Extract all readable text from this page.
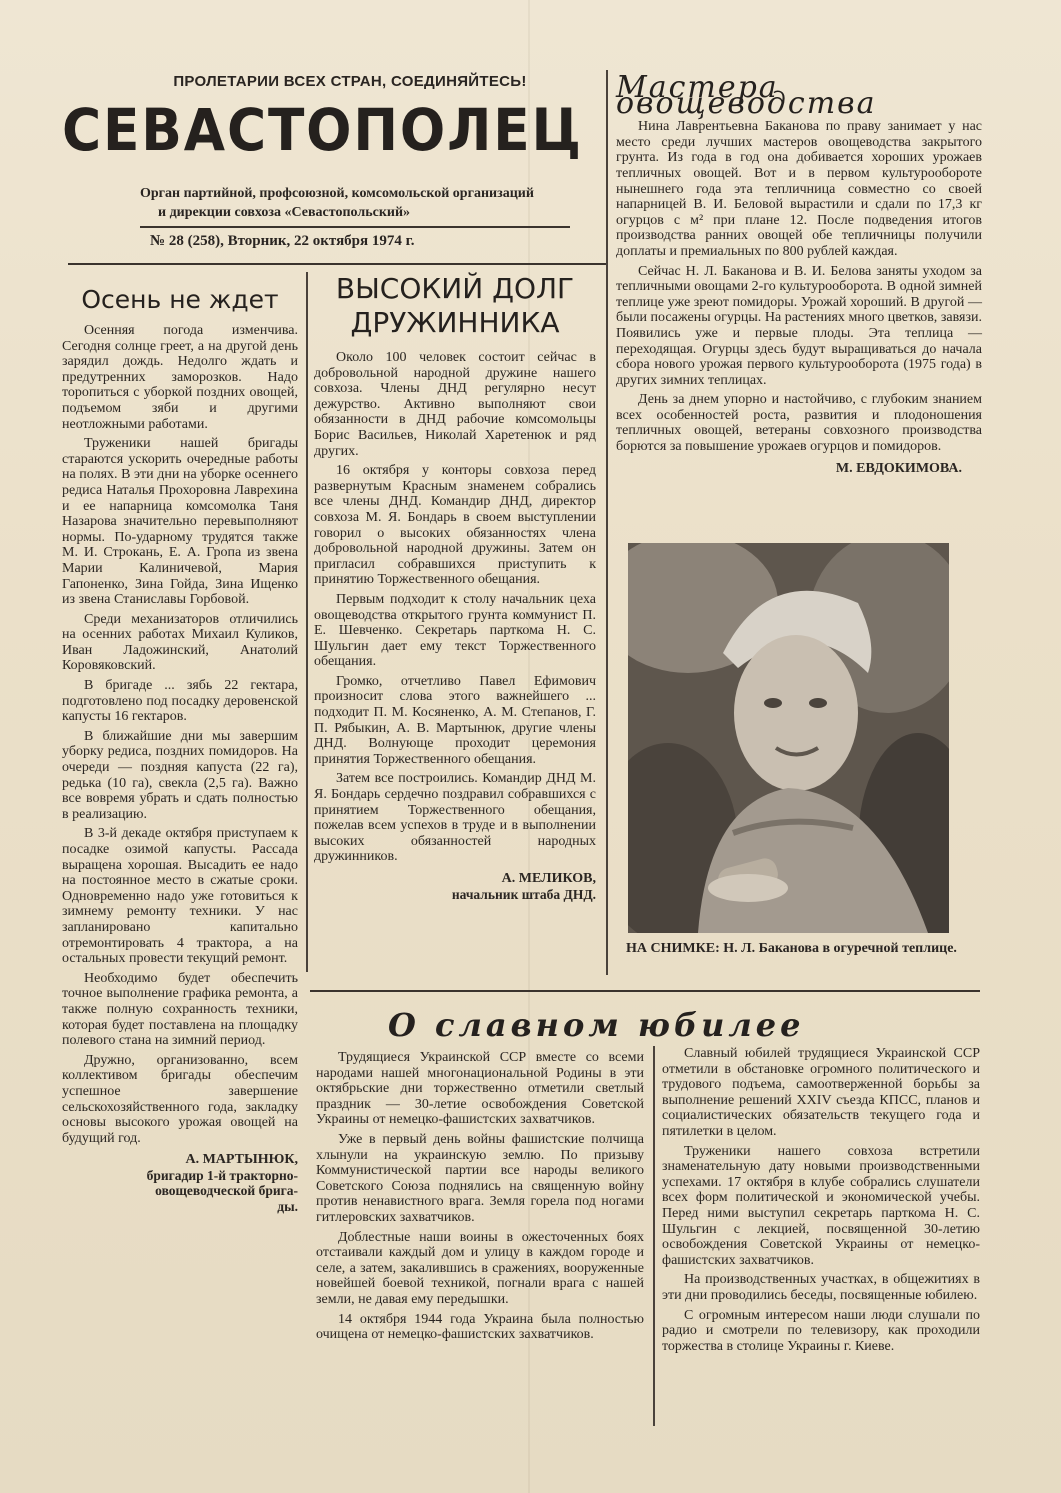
ПРОЛЕТАРИИ ВСЕХ СТРАН, СОЕДИНЯЙТЕСЬ!
СЕВАСТОПОЛЕЦ
Орган партийной, профсоюзной, комсомольской организаций
и дирекции совхоза «Севастопольский»
№ 28 (258), Вторник, 22 октября 1974 г.
Осень не ждет

Осенняя погода изменчива. Сегодня солнце греет, а на другой день зарядил дождь. Недолго ждать и предутренних заморозков. Надо торопиться с уборкой поздних овощей, подъемом зяби и другими неотложными работами.

Труженики нашей бригады стараются ускорить очередные работы на полях. В эти дни на уборке осеннего редиса Наталья Прохоровна Лаврехина и ее напарница комсомолка Таня Назарова значительно перевыполняют нормы. По-ударному трудятся также М. И. Строкань, Е. А. Гропа из звена Марии Калиничевой, Мария Гапоненко, Зина Гойда, Зина Ищенко из звена Станиславы Горбовой.

Среди механизаторов отличились на осенних работах Михаил Куликов, Иван Ладожинский, Анатолий Коровяковский.

В бригаде ... зябь 22 гектара, подготовлено под посадку деровенской капусты 16 гектаров.

В ближайшие дни мы завершим уборку редиса, поздних помидоров. На очереди — поздняя капуста (22 га), редька (10 га), свекла (2,5 га). Важно все вовремя убрать и сдать полностью в реализацию.

В 3-й декаде октября приступаем к посадке озимой капусты. Рассада выращена хорошая. Высадить ее надо на постоянное место в сжатые сроки. Одновременно надо уже готовиться к зимнему ремонту техники. У нас запланировано капитально отремонтировать 4 трактора, а на остальных провести текущий ремонт.

Необходимо будет обеспечить точное выполнение графика ремонта, а также полную сохранность техники, которая будет поставлена на площадку полевого стана на зимний период.

Дружно, организованно, всем коллективом бригады обеспечим успешное завершение сельскохозяйственного года, закладку основы высокого урожая овощей на будущий год.

А. МАРТЫНЮК,
бригадир 1-й тракторно-
овощеводческой брига-
ды.
ВЫСОКИЙ ДОЛГ
ДРУЖИННИКА

Около 100 человек состоит сейчас в добровольной народной дружине нашего совхоза. Члены ДНД регулярно несут дежурство. Активно выполняют свои обязанности в ДНД рабочие комсомольцы Борис Васильев, Николай Харетенюк и ряд других.

16 октября у конторы совхоза перед развернутым Красным знаменем собрались все члены ДНД. Командир ДНД, директор совхоза М. Я. Бондарь в своем выступлении говорил о высоких обязанностях члена добровольной народной дружины. Затем он пригласил собравшихся приступить к принятию Торжественного обещания.

Первым подходит к столу начальник цеха овощеводства открытого грунта коммунист П. Е. Шевченко. Секретарь парткома Н. С. Шульгин дает ему текст Торжественного обещания.

Громко, отчетливо Павел Ефимович произносит слова этого важнейшего ... подходит П. М. Косяненко, А. М. Степанов, Г. П. Рябыкин, А. В. Мартынюк, другие члены ДНД. Волнующе проходит церемония принятия Торжественного обещания.

Затем все построились. Командир ДНД М. Я. Бондарь сердечно поздравил собравшихся с принятием Торжественного обещания, пожелав всем успехов в труде и в выполнении высоких обязанностей народных дружинников.

А. МЕЛИКОВ,
начальник штаба ДНД.
Мастера овощеводства

Нина Лаврентьевна Баканова по праву занимает у нас место среди лучших мастеров овощеводства закрытого грунта. Из года в год она добивается хороших урожаев тепличных овощей. Вот и в первом культурообороте нынешнего года эта тепличница совместно со своей напарницей В. И. Беловой вырастили и сдали по 17,3 кг огурцов с м² при плане 12. После подведения итогов производства ранних овощей обе тепличницы получили доплаты и премиальных по 800 рублей каждая.

Сейчас Н. Л. Баканова и В. И. Белова заняты уходом за тепличными овощами 2-го культурооборота. В одной зимней теплице уже зреют помидоры. Урожай хороший. В другой — были посажены огурцы. На растениях много цветков, завязи. Появились уже и первые плоды. Эта теплица — переходящая. Огурцы здесь будут выращиваться до начала сбора нового урожая первого культурооборота (1975 года) в других зимних теплицах.

День за днем упорно и настойчиво, с глубоким знанием всех особенностей роста, развития и плодоношения тепличных овощей, ветераны совхозного производства борются за повышение урожаев огурцов и помидоров.

М. ЕВДОКИМОВА.
НА СНИМКЕ: Н. Л. Баканова в огуречной теплице.
О славном юбилее

Трудящиеся Украинской ССР вместе со всеми народами нашей многонациональной Родины в эти октябрьские дни торжественно отметили светлый праздник — 30-летие освобождения Советской Украины от немецко-фашистских захватчиков.

Уже в первый день войны фашистские полчища хлынули на украинскую землю. По призыву Коммунистической партии все народы великого Советского Союза поднялись на священную войну против ненавистного врага. Земля горела под ногами гитлеровских захватчиков.

Доблестные наши воины в ожесточенных боях отстаивали каждый дом и улицу в каждом городе и селе, а затем, закалившись в сражениях, вооруженные новейшей боевой техникой, погнали врага с нашей земли, не давая ему передышки.

14 октября 1944 года Украина была полностью очищена от немецко-фашистских захватчиков.

Славный юбилей трудящиеся Украинской ССР отметили в обстановке огромного политического и трудового подъема, самоотверженной борьбы за выполнение решений XXIV съезда КПСС, планов и социалистических обязательств текущего года и пятилетки в целом.

Труженики нашего совхоза встретили знаменательную дату новыми производственными успехами. 17 октября в клубе собрались слушатели всех форм политической и экономической учебы. Перед ними выступил секретарь парткома Н. С. Шульгин с лекцией, посвященной 30-летию освобождения Советской Украины от немецко-фашистских захватчиков.

На производственных участках, в общежитиях в эти дни проводились беседы, посвященные юбилею.

С огромным интересом наши люди слушали по радио и смотрели по телевизору, как проходили торжества в столице Украины г. Киеве.
